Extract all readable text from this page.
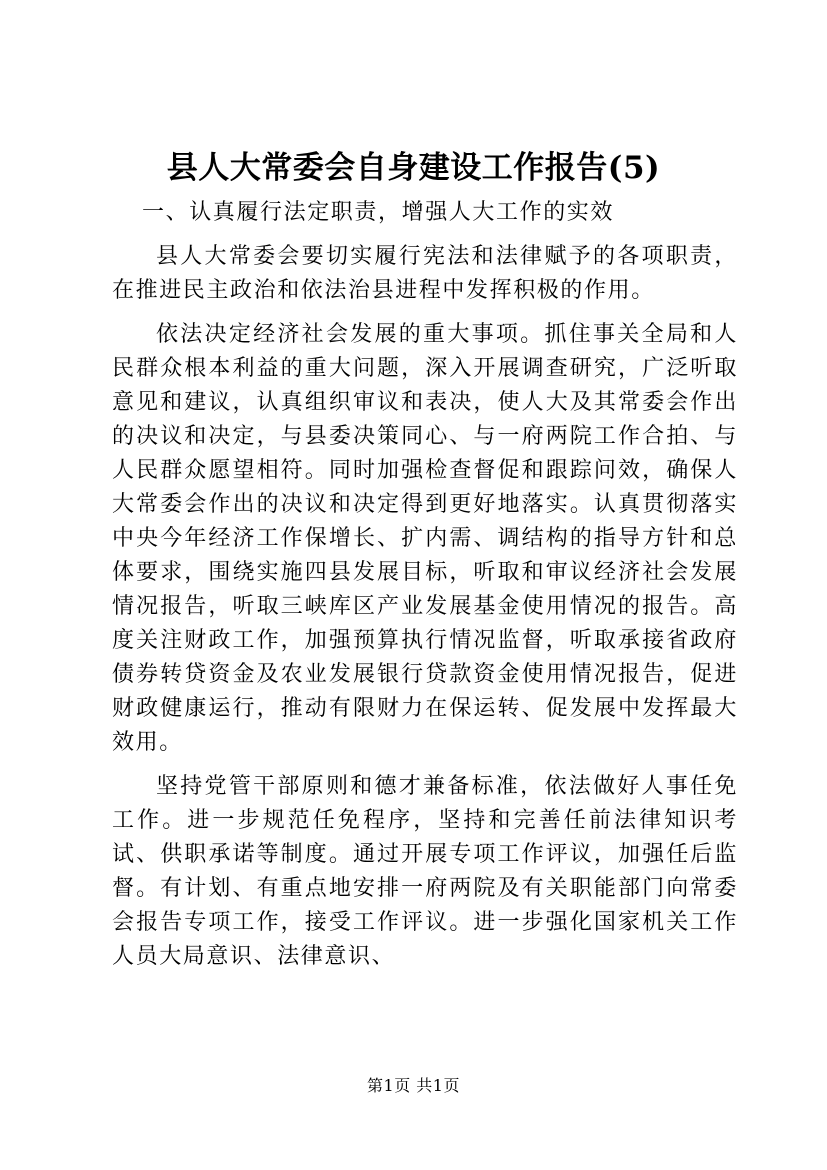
县人大常委会自身建设工作报告(5)

一、认真履行法定职责，增强人大工作的实效

县人大常委会要切实履行宪法和法律赋予的各项职责，在推进民主政治和依法治县进程中发挥积极的作用。

依法决定经济社会发展的重大事项。抓住事关全局和人民群众根本利益的重大问题，深入开展调查研究，广泛听取意见和建议，认真组织审议和表决，使人大及其常委会作出的决议和决定，与县委决策同心、与一府两院工作合拍、与人民群众愿望相符。同时加强检查督促和跟踪问效，确保人大常委会作出的决议和决定得到更好地落实。认真贯彻落实中央今年经济工作保增长、扩内需、调结构的指导方针和总体要求，围绕实施四县发展目标，听取和审议经济社会发展情况报告，听取三峡库区产业发展基金使用情况的报告。高度关注财政工作，加强预算执行情况监督，听取承接省政府债券转贷资金及农业发展银行贷款资金使用情况报告，促进财政健康运行，推动有限财力在保运转、促发展中发挥最大效用。

坚持党管干部原则和德才兼备标准，依法做好人事任免工作。进一步规范任免程序，坚持和完善任前法律知识考试、供职承诺等制度。通过开展专项工作评议，加强任后监督。有计划、有重点地安排一府两院及有关职能部门向常委会报告专项工作，接受工作评议。进一步强化国家机关工作人员大局意识、法律意识、

第1页 共1页
